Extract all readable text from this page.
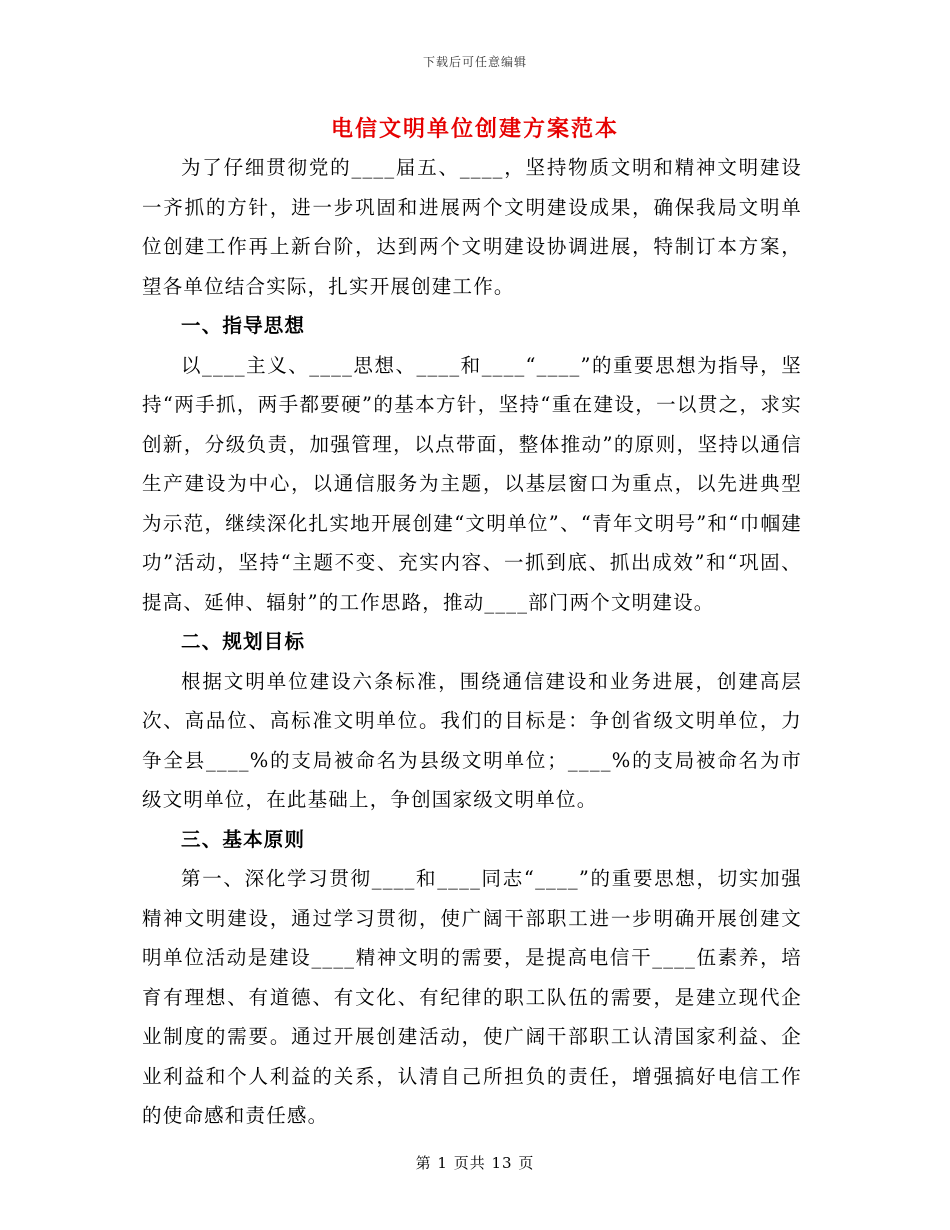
下载后可任意编辑
电信文明单位创建方案范本

为了仔细贯彻党的____届五、____，坚持物质文明和精神文明建设一齐抓的方针，进一步巩固和进展两个文明建设成果，确保我局文明单位创建工作再上新台阶，达到两个文明建设协调进展，特制订本方案，望各单位结合实际，扎实开展创建工作。

一、指导思想

以____主义、____思想、____和____“____”的重要思想为指导，坚持“两手抓，两手都要硬”的基本方针，坚持“重在建设，一以贯之，求实创新，分级负责，加强管理，以点带面，整体推动”的原则，坚持以通信生产建设为中心，以通信服务为主题，以基层窗口为重点，以先进典型为示范，继续深化扎实地开展创建“文明单位”、“青年文明号”和“巾帼建功”活动，坚持“主题不变、充实内容、一抓到底、抓出成效”和“巩固、提高、延伸、辐射”的工作思路，推动____部门两个文明建设。

二、规划目标

根据文明单位建设六条标准，围绕通信建设和业务进展，创建高层次、高品位、高标准文明单位。我们的目标是：争创省级文明单位，力争全县____%的支局被命名为县级文明单位；____%的支局被命名为市级文明单位，在此基础上，争创国家级文明单位。

三、基本原则

第一、深化学习贯彻____和____同志“____”的重要思想，切实加强精神文明建设，通过学习贯彻，使广阔干部职工进一步明确开展创建文明单位活动是建设____精神文明的需要，是提高电信干____伍素养，培育有理想、有道德、有文化、有纪律的职工队伍的需要，是建立现代企业制度的需要。通过开展创建活动，使广阔干部职工认清国家利益、企业利益和个人利益的关系，认清自己所担负的责任，增强搞好电信工作的使命感和责任感。

第 1 页共 13 页
